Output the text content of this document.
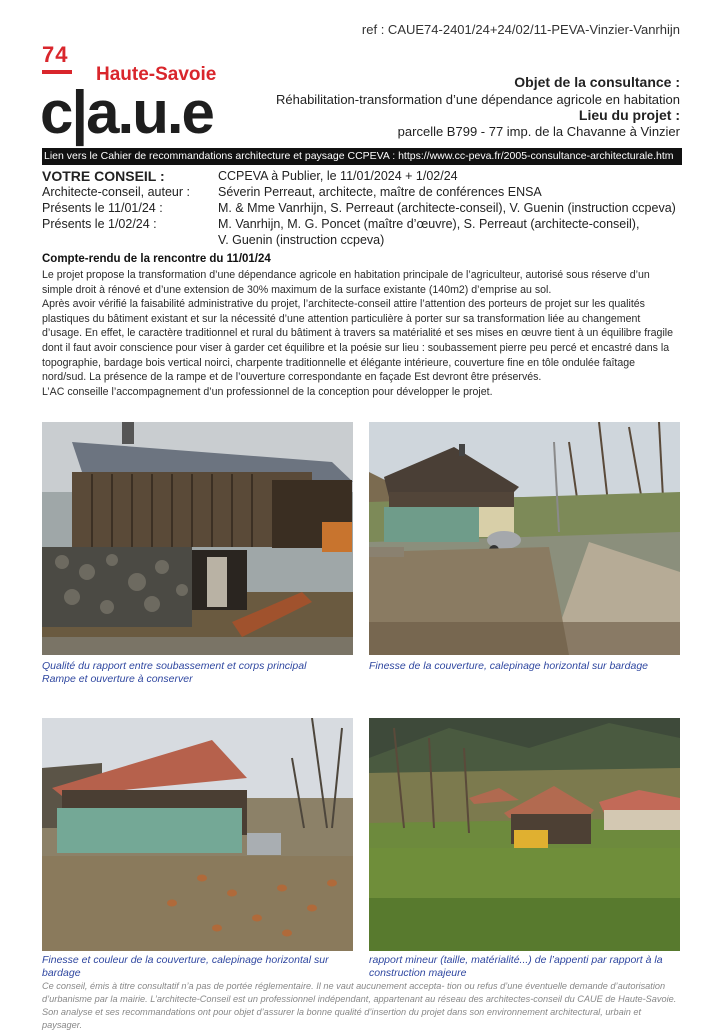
ref : CAUE74-2401/24+24/02/11-PEVA-Vinzier-Vanrhijn
74
Haute-Savoie
c|a.u.e	Objet de la consultance :
Réhabilitation-transformation d’une dépendance agricole en habitation
Lieu du projet :
parcelle B799 - 77 imp. de la Chavanne à Vinzier
Lien vers le Cahier de recommandations architecture et paysage CCPEVA : https://www.cc-peva.fr/2005-consultance-architecturale.htm
VOTRE CONSEIL :	CCPEVA à Publier, le 11/01/2024 + 1/02/24
Architecte-conseil, auteur :	Séverin Perreaut, architecte, maître de conférences ENSA
Présents le 11/01/24 :	M. & Mme Vanrhijn, S. Perreaut (architecte-conseil), V. Guenin (instruction ccpeva)
Présents le 1/02/24 :	M. Vanrhijn, M. G. Poncet (maître d’œuvre), S. Perreaut (architecte-conseil),
V. Guenin (instruction ccpeva)
Compte-rendu de la rencontre du 11/01/24

Le projet propose la transformation d’une dépendance agricole en habitation principale de l’agriculteur, autorisé sous réserve d’un simple droit à rénové et d’une extension de 30% maximum de la surface existante (140m2) d’emprise au sol.

Après avoir vérifié la faisabilité administrative du projet, l’architecte-conseil attire l’attention des porteurs de projet sur les qualités plastiques du bâtiment existant et sur la nécessité d’une attention particulière à porter sur sa transformation liée au changement d’usage. En effet, le caractère traditionnel et rural du bâtiment à travers sa matérialité et ses mises en œuvre tient à un équilibre fragile dont il faut avoir conscience pour viser à garder cet équilibre et la poésie sur lieu : soubassement pierre peu percé et encastré dans la topographie, bardage bois vertical noirci, charpente traditionnelle et élégante intérieure, couverture fine en tôle ondulée faîtage nord/sud. La présence de la rampe et de l’ouverture correspondante en façade Est devront être préservés.

L’AC conseille l’accompagnement d’un professionnel de la conception pour développer le projet.

Qualité du rapport entre soubassement et corps principal
Rampe et ouverture à conserver
Finesse de la couverture, calepinage horizontal sur bardage
Finesse et couleur de la couverture, calepinage horizontal sur
bardage
rapport mineur (taille, matérialité...) de l’appenti par rapport à la
construction majeure
Ce conseil, émis à titre consultatif n’a pas de portée réglementaire. Il ne vaut aucunement accepta- tion ou refus d’une éventuelle demande d’autorisation d’urbanisme par la mairie. L’architecte-Conseil est un professionnel indépendant, appartenant au réseau des architectes-conseil du CAUE de Haute-Savoie. Son analyse et ses recommandations ont pour objet d’assurer la bonne qualité d’insertion du projet dans son environnement architectural, urbain et paysager.
